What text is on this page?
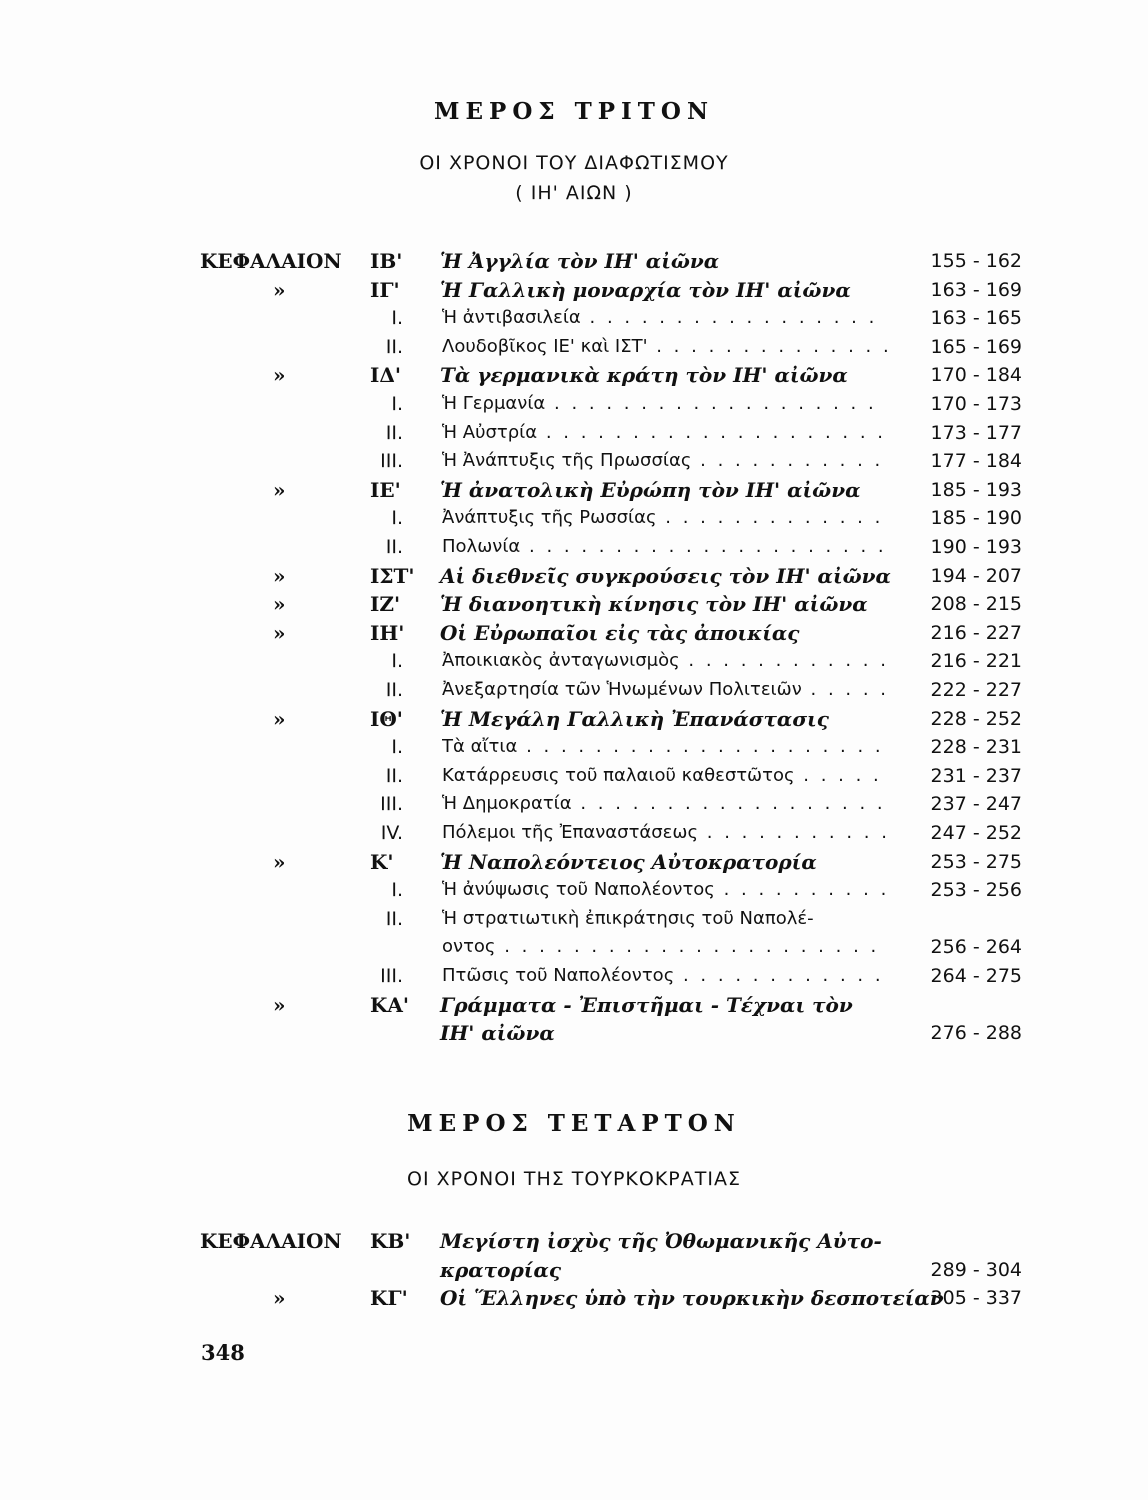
ΜΕΡΟΣ ΤΡΙΤΟΝ
ΟΙ ΧΡΟΝΟΙ ΤΟΥ ΔΙΑΦΩΤΙΣΜΟΥ
( ΙΗ' ΑΙΩΝ )
ΚΕΦΑΛΑΙΟΝ ΙΒ' Ἡ Ἀγγλία τὸν ΙΗ' αἰῶνα	155 - 162
»	ΙΓ' Ἡ Γαλλικὴ μοναρχία τὸν ΙΗ' αἰῶνα	163 - 169
Ι. Ἡ ἀντιβασιλεία . . .	163 - 165
ΙΙ. Λουδοβῖκος ΙΕ' καὶ ΙΣΤ' . . .	165 - 169
»	ΙΔ' Τὰ γερμανικὰ κράτη τὸν ΙΗ' αἰῶνα	170 - 184
Ι. Ἡ Γερμανία . . .	170 - 173
ΙΙ. Ἡ Αὐστρία . . .	173 - 177
ΙΙΙ. Ἡ Ἀνάπτυξις τῆς Πρωσσίας . . .	177 - 184
»	ΙΕ' Ἡ ἀνατολικὴ Εὐρώπη τὸν ΙΗ' αἰῶνα	185 - 193
Ι. Ἀνάπτυξις τῆς Ρωσσίας . . .	185 - 190
ΙΙ. Πολωνία . . .	190 - 193
»	ΙΣΤ' Αἱ διεθνεῖς συγκρούσεις τὸν ΙΗ' αἰῶνα 194 - 207
»	ΙΖ' Ἡ διανοητικὴ κίνησις τὸν ΙΗ' αἰῶνα	208 - 215
»	ΙΗ' Οἱ Εὐρωπαῖοι εἰς τὰς ἀποικίας	216 - 227
Ι. Ἀποικιακὸς ἀνταγωνισμὸς . . .	216 - 221
ΙΙ. Ἀνεξαρτησία τῶν Ἡνωμένων Πολιτειῶν . . .	222 - 227
»	ΙΘ' Ἡ Μεγάλη Γαλλικὴ Ἐπανάστασις	228 - 252
Ι. Τὰ αἴτια . . .	228 - 231
ΙΙ. Κατάρρευσις τοῦ παλαιοῦ καθεστῶτος . . .	231 - 237
ΙΙΙ. Ἡ Δημοκρατία . . .	237 - 247
ΙV. Πόλεμοι τῆς Ἐπαναστάσεως . . .	247 - 252
»	Κ' Ἡ Ναπολεόντειος Αὐτοκρατορία	253 - 275
Ι. Ἡ ἀνύψωσις τοῦ Ναπολέοντος . . .	253 - 256
ΙΙ. Ἡ στρατιωτικὴ ἐπικράτησις τοῦ Ναπολέ-
οντος . . .	256 - 264
ΙΙΙ. Πτῶσις τοῦ Ναπολέοντος . . .	264 - 275
»	ΚΑ' Γράμματα - Ἐπιστῆμαι - Τέχναι τὸν
ΙΗ' αἰῶνα	276 - 288
ΜΕΡΟΣ ΤΕΤΑΡΤΟΝ
ΟΙ ΧΡΟΝΟΙ ΤΗΣ ΤΟΥΡΚΟΚΡΑΤΙΑΣ
ΚΕΦΑΛΑΙΟΝ ΚΒ' Μεγίστη ἰσχὺς τῆς Ὀθωμανικῆς Αὐτο-
κρατορίας	289 - 304
»	ΚΓ' Οἱ Ἕλληνες ὑπὸ τὴν τουρκικὴν δεσποτείαν
305 - 337
348
